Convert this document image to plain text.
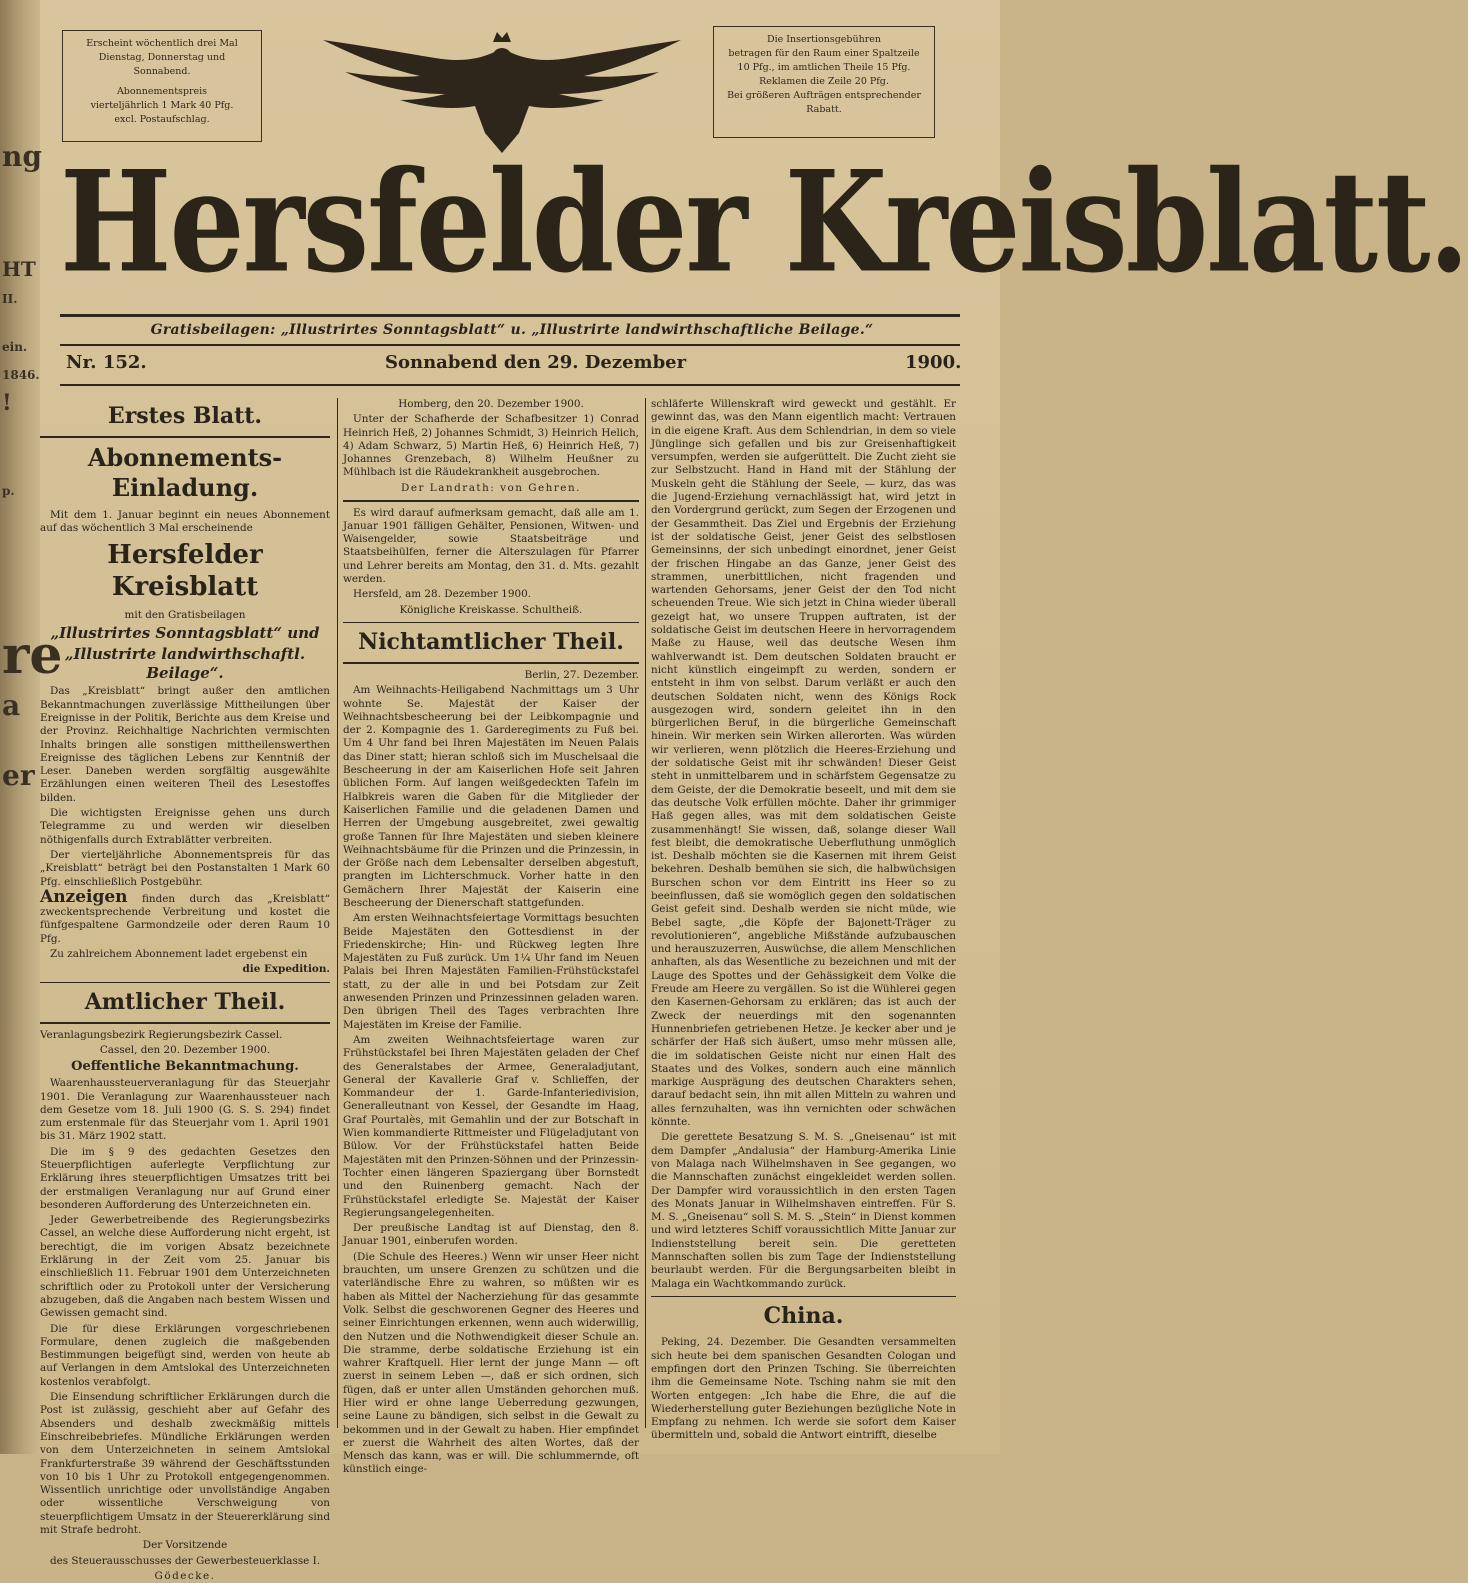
ng
HT
II.
ein.
1846.
!
re
a
er
p.

Erscheint wöchentlich drei Mal
Dienstag, Donnerstag und Sonnabend.

Abonnementspreis
vierteljährlich 1 Mark 40 Pfg.
excl. Postaufschlag.

Die Insertionsgebühren
betragen für den Raum einer Spaltzeile
10 Pfg., im amtlichen Theile 15 Pfg.
Reklamen die Zeile 20 Pfg.
Bei größeren Aufträgen entsprechender
Rabatt.
Hersfelder Kreisblatt.
Gratisbeilagen: „Illustrirtes Sonntagsblatt“ u. „Illustrirte landwirthschaftliche Beilage.“
Nr. 152.	Sonnabend den 29. Dezember	1900.
Erstes Blatt.
Abonnements-Einladung.

Mit dem 1. Januar beginnt ein neues Abonnement auf das wöchentlich 3 Mal erscheinende

Hersfelder Kreisblatt

mit den Gratisbeilagen

„Illustrirtes Sonntagsblatt“ und

„Illustrirte landwirthschaftl. Beilage“.

Das „Kreisblatt“ bringt außer den amtlichen Bekanntmachungen zuverlässige Mittheilungen über Ereignisse in der Politik, Berichte aus dem Kreise und der Provinz. Reichhaltige Nachrichten vermischten Inhalts bringen alle sonstigen mittheilenswerthen Ereignisse des täglichen Lebens zur Kenntniß der Leser. Daneben werden sorgfältig ausgewählte Erzählungen einen weiteren Theil des Lesestoffes bilden.

Die wichtigsten Ereignisse gehen uns durch Telegramme zu und werden wir dieselben nöthigenfalls durch Extrablätter verbreiten.

Der vierteljährliche Abonnementspreis für das „Kreisblatt“ beträgt bei den Postanstalten 1 Mark 60 Pfg. einschließlich Postgebühr.

Anzeigen finden durch das „Kreisblatt“ zweckentsprechende Verbreitung und kostet die fünfgespaltene Garmondzeile oder deren Raum 10 Pfg.

Zu zahlreichem Abonnement ladet ergebenst ein

die Expedition.

Amtlicher Theil.

Veranlagungsbezirk Regierungsbezirk Cassel.

Cassel, den 20. Dezember 1900.

Oeffentliche Bekanntmachung.

Waarenhaussteuerveranlagung für das Steuerjahr 1901. Die Veranlagung zur Waarenhaussteuer nach dem Gesetze vom 18. Juli 1900 (G. S. S. 294) findet zum erstenmale für das Steuerjahr vom 1. April 1901 bis 31. März 1902 statt.

Die im § 9 des gedachten Gesetzes den Steuerpflichtigen auferlegte Verpflichtung zur Erklärung ihres steuerpflichtigen Umsatzes tritt bei der erstmaligen Veranlagung nur auf Grund einer besonderen Aufforderung des Unterzeichneten ein.

Jeder Gewerbetreibende des Regierungsbezirks Cassel, an welche diese Aufforderung nicht ergeht, ist berechtigt, die im vorigen Absatz bezeichnete Erklärung in der Zeit vom 25. Januar bis einschließlich 11. Februar 1901 dem Unterzeichneten schriftlich oder zu Protokoll unter der Versicherung abzugeben, daß die Angaben nach bestem Wissen und Gewissen gemacht sind.

Die für diese Erklärungen vorgeschriebenen Formulare, denen zugleich die maßgebenden Bestimmungen beigefügt sind, werden von heute ab auf Verlangen in dem Amtslokal des Unterzeichneten kostenlos verabfolgt.

Die Einsendung schriftlicher Erklärungen durch die Post ist zulässig, geschieht aber auf Gefahr des Absenders und deshalb zweckmäßig mittels Einschreibebriefes. Mündliche Erklärungen werden von dem Unterzeichneten in seinem Amtslokal Frankfurterstraße 39 während der Geschäftsstunden von 10 bis 1 Uhr zu Protokoll entgegengenommen. Wissentlich unrichtige oder unvollständige Angaben oder wissentliche Verschweigung von steuerpflichtigem Umsatz in der Steuererklärung sind mit Strafe bedroht.

Der Vorsitzende

des Steuerausschusses der Gewerbesteuerklasse I.

Gödecke.

Homberg, den 20. Dezember 1900.

Unter der Schafherde der Schafbesitzer 1) Conrad Heinrich Heß, 2) Johannes Schmidt, 3) Heinrich Helich, 4) Adam Schwarz, 5) Martin Heß, 6) Heinrich Heß, 7) Johannes Grenzebach, 8) Wilhelm Heußner zu Mühlbach ist die Räudekrankheit ausgebrochen.

Der Landrath: von Gehren.

Es wird darauf aufmerksam gemacht, daß alle am 1. Januar 1901 fälligen Gehälter, Pensionen, Witwen- und Waisengelder, sowie Staatsbeiträge und Staatsbeihülfen, ferner die Alterszulagen für Pfarrer und Lehrer bereits am Montag, den 31. d. Mts. gezahlt werden.

Hersfeld, am 28. Dezember 1900.

Königliche Kreiskasse. Schultheiß.

Nichtamtlicher Theil.

Berlin, 27. Dezember.

Am Weihnachts-Heiligabend Nachmittags um 3 Uhr wohnte Se. Majestät der Kaiser der Weihnachtsbescheerung bei der Leibkompagnie und der 2. Kompagnie des 1. Garderegiments zu Fuß bei. Um 4 Uhr fand bei Ihren Majestäten im Neuen Palais das Diner statt; hieran schloß sich im Muschelsaal die Bescheerung in der am Kaiserlichen Hofe seit Jahren üblichen Form. Auf langen weißgedeckten Tafeln im Halbkreis waren die Gaben für die Mitglieder der Kaiserlichen Familie und die geladenen Damen und Herren der Umgebung ausgebreitet, zwei gewaltig große Tannen für Ihre Majestäten und sieben kleinere Weihnachtsbäume für die Prinzen und die Prinzessin, in der Größe nach dem Lebensalter derselben abgestuft, prangten im Lichterschmuck. Vorher hatte in den Gemächern Ihrer Majestät der Kaiserin eine Bescheerung der Dienerschaft stattgefunden.

Am ersten Weihnachtsfeiertage Vormittags besuchten Beide Majestäten den Gottesdienst in der Friedenskirche; Hin- und Rückweg legten Ihre Majestäten zu Fuß zurück. Um 1¼ Uhr fand im Neuen Palais bei Ihren Majestäten Familien-Frühstückstafel statt, zu der alle in und bei Potsdam zur Zeit anwesenden Prinzen und Prinzessinnen geladen waren. Den übrigen Theil des Tages verbrachten Ihre Majestäten im Kreise der Familie.

Am zweiten Weihnachtsfeiertage waren zur Frühstückstafel bei Ihren Majestäten geladen der Chef des Generalstabes der Armee, Generaladjutant, General der Kavallerie Graf v. Schlieffen, der Kommandeur der 1. Garde-Infanteriedivision, Generalleutnant von Kessel, der Gesandte im Haag, Graf Pourtalès, mit Gemahlin und der zur Botschaft in Wien kommandierte Rittmeister und Flügeladjutant von Bülow. Vor der Frühstückstafel hatten Beide Majestäten mit den Prinzen-Söhnen und der Prinzessin-Tochter einen längeren Spaziergang über Bornstedt und den Ruinenberg gemacht. Nach der Frühstückstafel erledigte Se. Majestät der Kaiser Regierungsangelegenheiten.

Der preußische Landtag ist auf Dienstag, den 8. Januar 1901, einberufen worden.

(Die Schule des Heeres.) Wenn wir unser Heer nicht brauchten, um unsere Grenzen zu schützen und die vaterländische Ehre zu wahren, so müßten wir es haben als Mittel der Nacherziehung für das gesammte Volk. Selbst die geschworenen Gegner des Heeres und seiner Einrichtungen erkennen, wenn auch widerwillig, den Nutzen und die Nothwendigkeit dieser Schule an. Die stramme, derbe soldatische Erziehung ist ein wahrer Kraftquell. Hier lernt der junge Mann — oft zuerst in seinem Leben —, daß er sich ordnen, sich fügen, daß er unter allen Umständen gehorchen muß. Hier wird er ohne lange Ueberredung gezwungen, seine Laune zu bändigen, sich selbst in die Gewalt zu bekommen und in der Gewalt zu haben. Hier empfindet er zuerst die Wahrheit des alten Wortes, daß der Mensch das kann, was er will. Die schlummernde, oft künstlich einge-

schläferte Willenskraft wird geweckt und gestählt. Er gewinnt das, was den Mann eigentlich macht: Vertrauen in die eigene Kraft. Aus dem Schlendrian, in dem so viele Jünglinge sich gefallen und bis zur Greisenhaftigkeit versumpfen, werden sie aufgerüttelt. Die Zucht zieht sie zur Selbstzucht. Hand in Hand mit der Stählung der Muskeln geht die Stählung der Seele, — kurz, das was die Jugend-Erziehung vernachlässigt hat, wird jetzt in den Vordergrund gerückt, zum Segen der Erzogenen und der Gesammtheit. Das Ziel und Ergebnis der Erziehung ist der soldatische Geist, jener Geist des selbstlosen Gemeinsinns, der sich unbedingt einordnet, jener Geist der frischen Hingabe an das Ganze, jener Geist des strammen, unerbittlichen, nicht fragenden und wartenden Gehorsams, jener Geist der den Tod nicht scheuenden Treue. Wie sich jetzt in China wieder überall gezeigt hat, wo unsere Truppen auftraten, ist der soldatische Geist im deutschen Heere in hervorragendem Maße zu Hause, weil das deutsche Wesen ihm wahlverwandt ist. Dem deutschen Soldaten braucht er nicht künstlich eingeimpft zu werden, sondern er entsteht in ihm von selbst. Darum verläßt er auch den deutschen Soldaten nicht, wenn des Königs Rock ausgezogen wird, sondern geleitet ihn in den bürgerlichen Beruf, in die bürgerliche Gemeinschaft hinein. Wir merken sein Wirken allerorten. Was würden wir verlieren, wenn plötzlich die Heeres-Erziehung und der soldatische Geist mit ihr schwänden! Dieser Geist steht in unmittelbarem und in schärfstem Gegensatze zu dem Geiste, der die Demokratie beseelt, und mit dem sie das deutsche Volk erfüllen möchte. Daher ihr grimmiger Haß gegen alles, was mit dem soldatischen Geiste zusammenhängt! Sie wissen, daß, solange dieser Wall fest bleibt, die demokratische Ueberfluthung unmöglich ist. Deshalb möchten sie die Kasernen mit ihrem Geist bekehren. Deshalb bemühen sie sich, die halbwüchsigen Burschen schon vor dem Eintritt ins Heer so zu beeinflussen, daß sie womöglich gegen den soldatischen Geist gefeit sind. Deshalb werden sie nicht müde, wie Bebel sagte, „die Köpfe der Bajonett-Träger zu revolutionieren“, angebliche Mißstände aufzubauschen und herauszuzerren, Auswüchse, die allem Menschlichen anhaften, als das Wesentliche zu bezeichnen und mit der Lauge des Spottes und der Gehässigkeit dem Volke die Freude am Heere zu vergällen. So ist die Wühlerei gegen den Kasernen-Gehorsam zu erklären; das ist auch der Zweck der neuerdings mit den sogenannten Hunnenbriefen getriebenen Hetze. Je kecker aber und je schärfer der Haß sich äußert, umso mehr müssen alle, die im soldatischen Geiste nicht nur einen Halt des Staates und des Volkes, sondern auch eine männlich markige Ausprägung des deutschen Charakters sehen, darauf bedacht sein, ihn mit allen Mitteln zu wahren und alles fernzuhalten, was ihn vernichten oder schwächen könnte.

Die gerettete Besatzung S. M. S. „Gneisenau“ ist mit dem Dampfer „Andalusia“ der Hamburg-Amerika Linie von Malaga nach Wilhelmshaven in See gegangen, wo die Mannschaften zunächst eingekleidet werden sollen. Der Dampfer wird voraussichtlich in den ersten Tagen des Monats Januar in Wilhelmshaven eintreffen. Für S. M. S. „Gneisenau“ soll S. M. S. „Stein“ in Dienst kommen und wird letzteres Schiff voraussichtlich Mitte Januar zur Indienststellung bereit sein. Die geretteten Mannschaften sollen bis zum Tage der Indienststellung beurlaubt werden. Für die Bergungsarbeiten bleibt in Malaga ein Wachtkommando zurück.

China.

Peking, 24. Dezember. Die Gesandten versammelten sich heute bei dem spanischen Gesandten Cologan und empfingen dort den Prinzen Tsching. Sie überreichten ihm die Gemeinsame Note. Tsching nahm sie mit den Worten entgegen: „Ich habe die Ehre, die auf die Wiederherstellung guter Beziehungen bezügliche Note in Empfang zu nehmen. Ich werde sie sofort dem Kaiser übermitteln und, sobald die Antwort eintrifft, dieselbe
